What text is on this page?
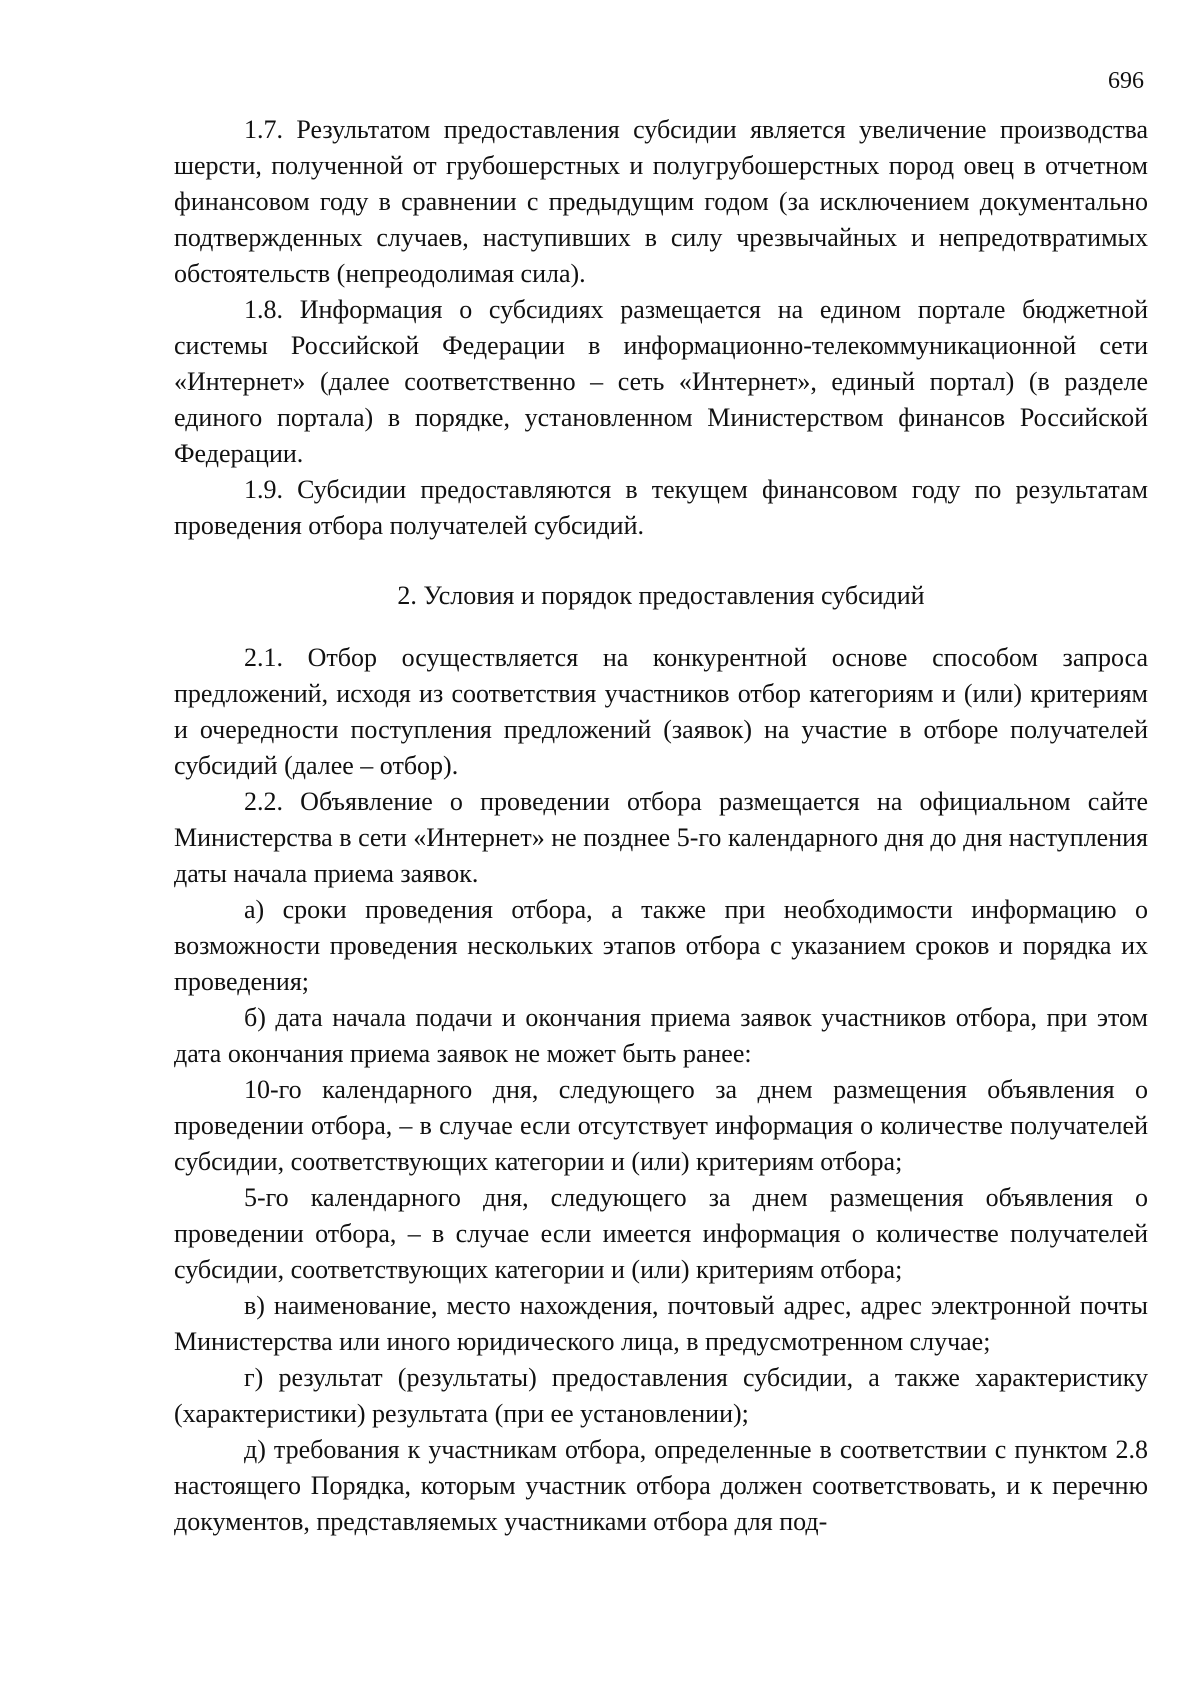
696

1.7. Результатом предоставления субсидии является увеличение производства шерсти, полученной от грубошерстных и полугрубошерстных пород овец в отчетном финансовом году в сравнении с предыдущим годом (за исключением документально подтвержденных случаев, наступивших в силу чрезвычайных и непредотвратимых обстоятельств (непреодолимая сила).

1.8. Информация о субсидиях размещается на едином портале бюджетной системы Российской Федерации в информационно-телекоммуникационной сети «Интернет» (далее соответственно – сеть «Интернет», единый портал) (в разделе единого портала) в порядке, установленном Министерством финансов Российской Федерации.

1.9. Субсидии предоставляются в текущем финансовом году по результатам проведения отбора получателей субсидий.

2. Условия и порядок предоставления субсидий

2.1. Отбор осуществляется на конкурентной основе способом запроса предложений, исходя из соответствия участников отбор категориям и (или) критериям и очередности поступления предложений (заявок) на участие в отборе получателей субсидий (далее – отбор).

2.2. Объявление о проведении отбора размещается на официальном сайте Министерства в сети «Интернет» не позднее 5-го календарного дня до дня наступления даты начала приема заявок.

а) сроки проведения отбора, а также при необходимости информацию о возможности проведения нескольких этапов отбора с указанием сроков и порядка их проведения;

б) дата начала подачи и окончания приема заявок участников отбора, при этом дата окончания приема заявок не может быть ранее:

10-го календарного дня, следующего за днем размещения объявления о проведении отбора, – в случае если отсутствует информация о количестве получателей субсидии, соответствующих категории и (или) критериям отбора;

5-го календарного дня, следующего за днем размещения объявления о проведении отбора, – в случае если имеется информация о количестве получателей субсидии, соответствующих категории и (или) критериям отбора;

в) наименование, место нахождения, почтовый адрес, адрес электронной почты Министерства или иного юридического лица, в предусмотренном случае;

г) результат (результаты) предоставления субсидии, а также характеристику (характеристики) результата (при ее установлении);

д) требования к участникам отбора, определенные в соответствии с пунктом 2.8 настоящего Порядка, которым участник отбора должен соответствовать, и к перечню документов, представляемых участниками отбора для под-
